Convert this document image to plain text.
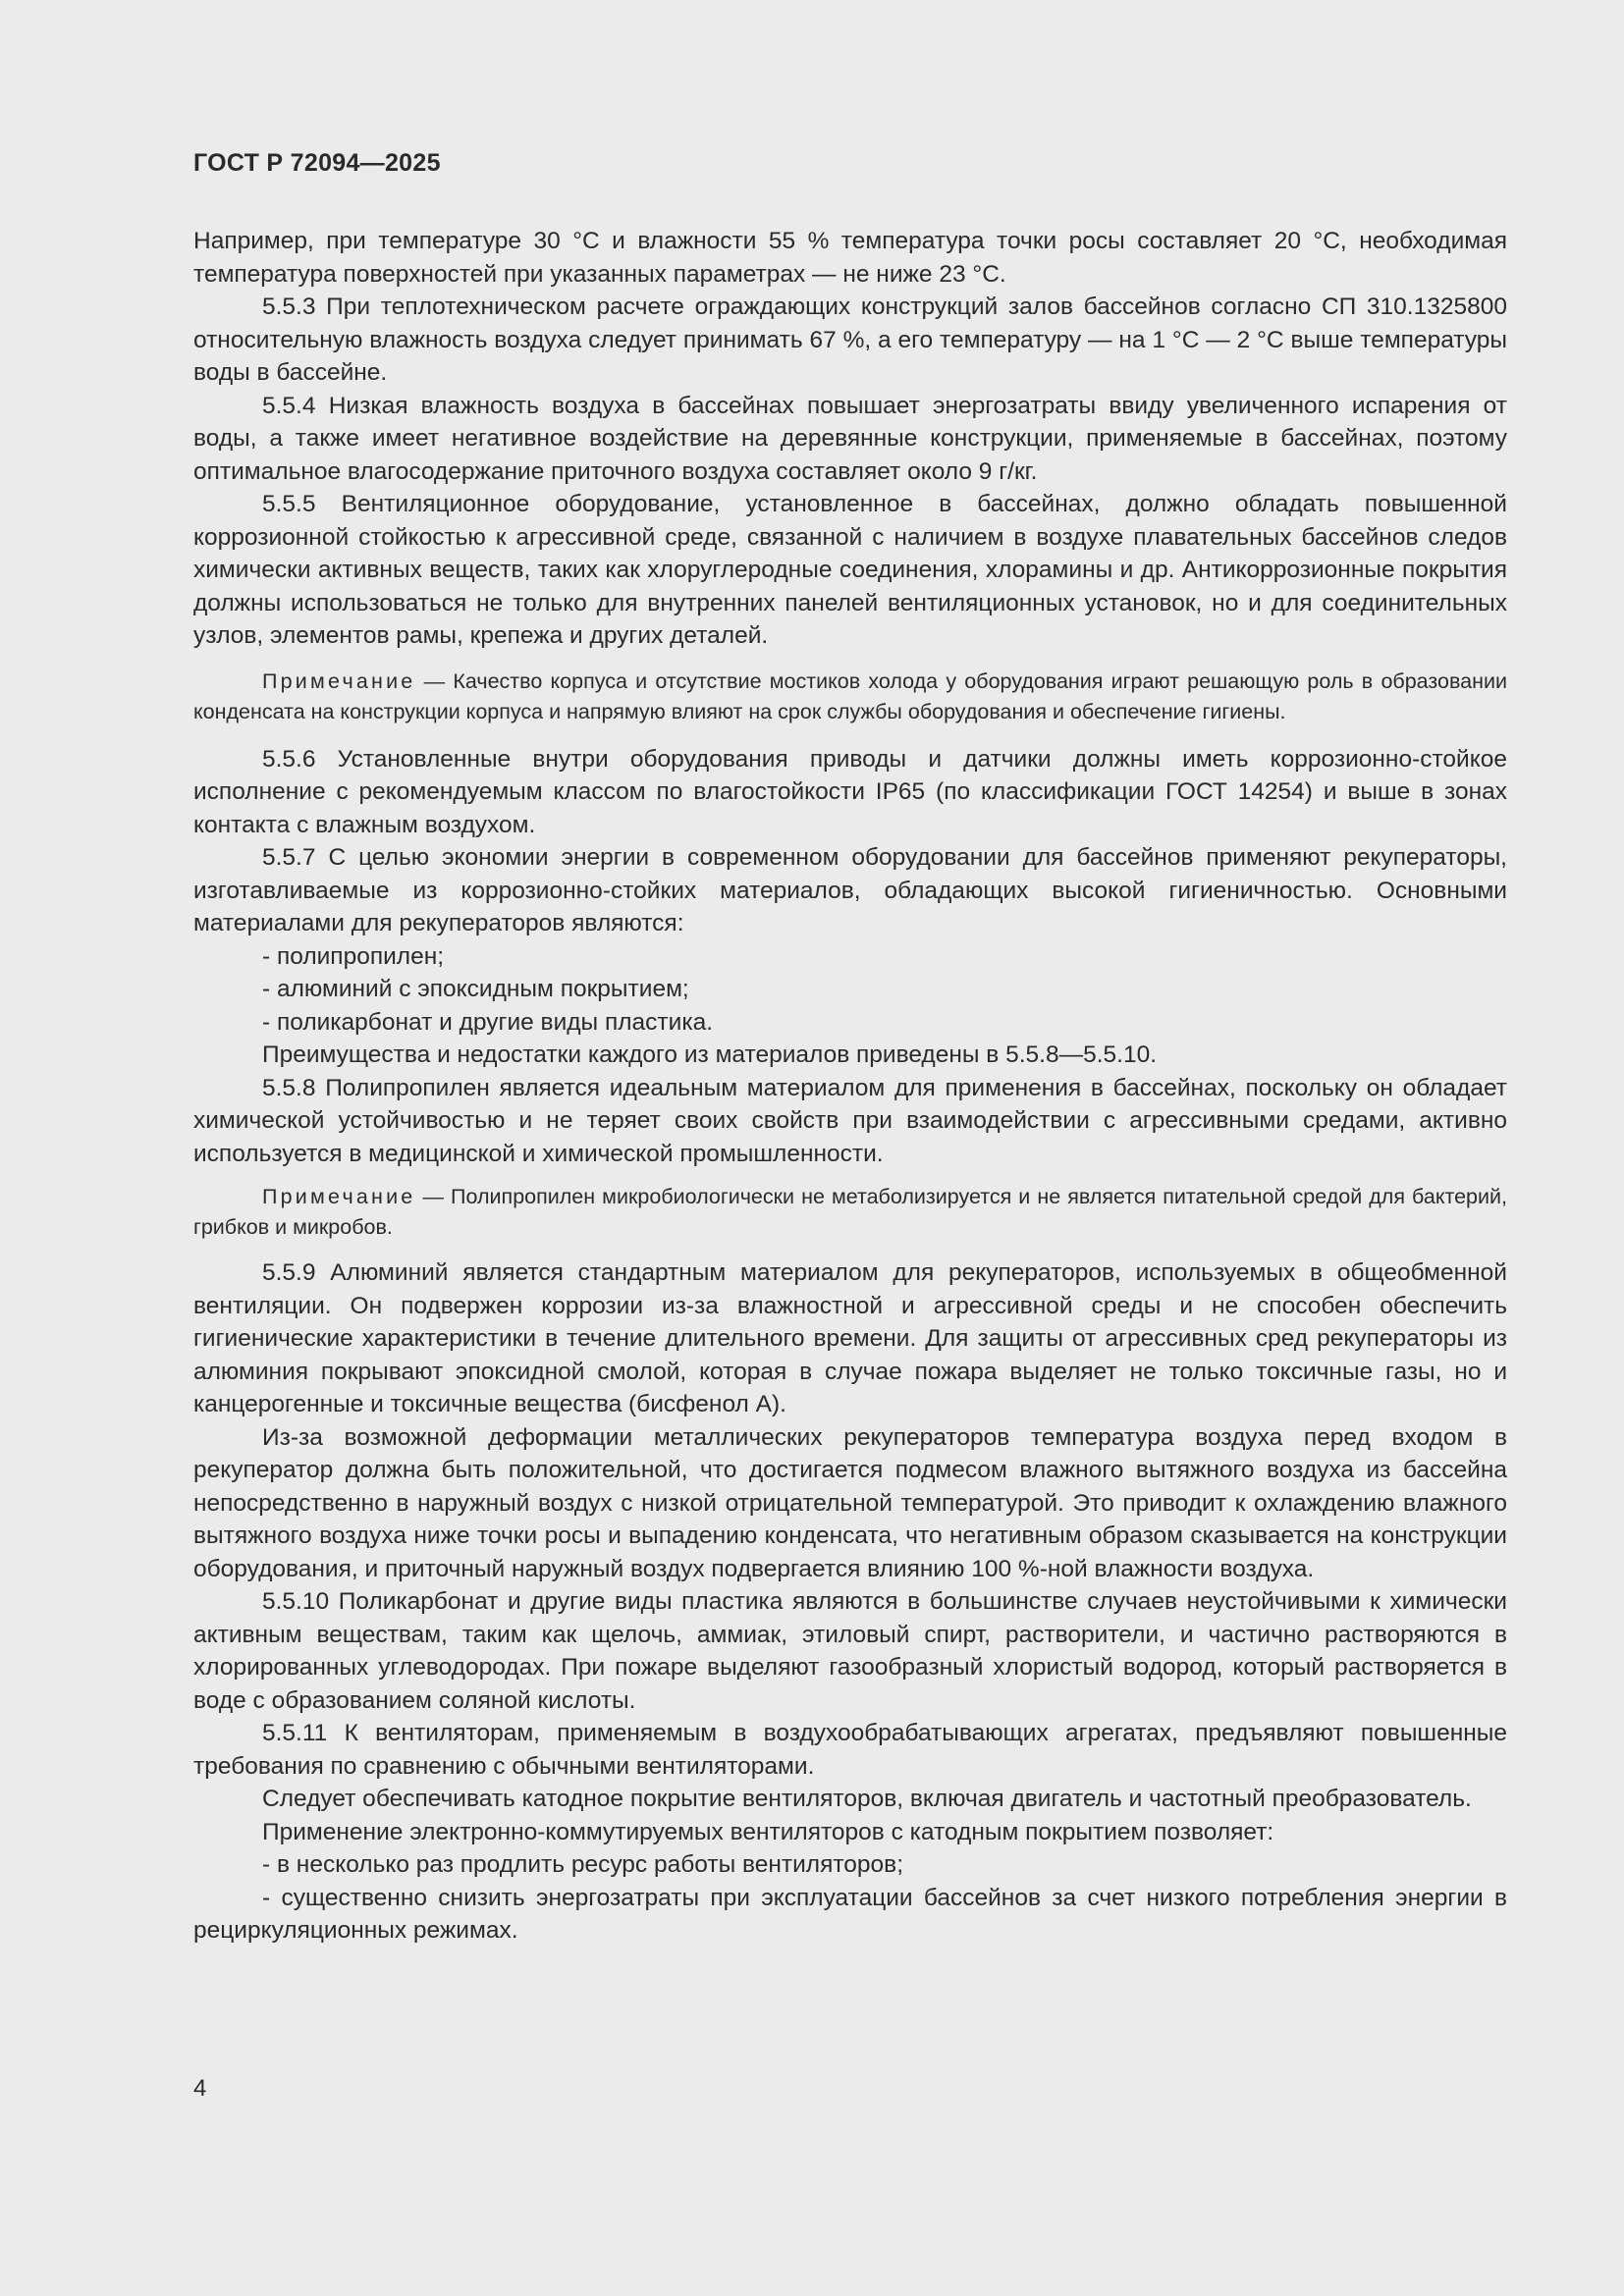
ГОСТ Р 72094—2025

Например, при температуре 30 °С и влажности 55 % температура точки росы составляет 20 °С, необходимая температура поверхностей при указанных параметрах — не ниже 23 °С.

5.5.3 При теплотехническом расчете ограждающих конструкций залов бассейнов согласно СП 310.1325800 относительную влажность воздуха следует принимать 67 %, а его температуру — на 1 °С — 2 °С выше температуры воды в бассейне.

5.5.4 Низкая влажность воздуха в бассейнах повышает энергозатраты ввиду увеличенного испарения от воды, а также имеет негативное воздействие на деревянные конструкции, применяемые в бассейнах, поэтому оптимальное влагосодержание приточного воздуха составляет около 9 г/кг.

5.5.5 Вентиляционное оборудование, установленное в бассейнах, должно обладать повышенной коррозионной стойкостью к агрессивной среде, связанной с наличием в воздухе плавательных бассейнов следов химически активных веществ, таких как хлоруглеродные соединения, хлорамины и др. Антикоррозионные покрытия должны использоваться не только для внутренних панелей вентиляционных установок, но и для соединительных узлов, элементов рамы, крепежа и других деталей.

Примечание — Качество корпуса и отсутствие мостиков холода у оборудования играют решающую роль в образовании конденсата на конструкции корпуса и напрямую влияют на срок службы оборудования и обеспечение гигиены.

5.5.6 Установленные внутри оборудования приводы и датчики должны иметь коррозионно-стойкое исполнение с рекомендуемым классом по влагостойкости IP65 (по классификации ГОСТ 14254) и выше в зонах контакта с влажным воздухом.

5.5.7 С целью экономии энергии в современном оборудовании для бассейнов применяют рекуператоры, изготавливаемые из коррозионно-стойких материалов, обладающих высокой гигиеничностью. Основными материалами для рекуператоров являются:

- полипропилен;

- алюминий с эпоксидным покрытием;

- поликарбонат и другие виды пластика.

Преимущества и недостатки каждого из материалов приведены в 5.5.8—5.5.10.

5.5.8 Полипропилен является идеальным материалом для применения в бассейнах, поскольку он обладает химической устойчивостью и не теряет своих свойств при взаимодействии с агрессивными средами, активно используется в медицинской и химической промышленности.

Примечание — Полипропилен микробиологически не метаболизируется и не является питательной средой для бактерий, грибков и микробов.

5.5.9 Алюминий является стандартным материалом для рекуператоров, используемых в общеобменной вентиляции. Он подвержен коррозии из-за влажностной и агрессивной среды и не способен обеспечить гигиенические характеристики в течение длительного времени. Для защиты от агрессивных сред рекуператоры из алюминия покрывают эпоксидной смолой, которая в случае пожара выделяет не только токсичные газы, но и канцерогенные и токсичные вещества (бисфенол А).

Из-за возможной деформации металлических рекуператоров температура воздуха перед входом в рекуператор должна быть положительной, что достигается подмесом влажного вытяжного воздуха из бассейна непосредственно в наружный воздух с низкой отрицательной температурой. Это приводит к охлаждению влажного вытяжного воздуха ниже точки росы и выпадению конденсата, что негативным образом сказывается на конструкции оборудования, и приточный наружный воздух подвергается влиянию 100 %-ной влажности воздуха.

5.5.10 Поликарбонат и другие виды пластика являются в большинстве случаев неустойчивыми к химически активным веществам, таким как щелочь, аммиак, этиловый спирт, растворители, и частично растворяются в хлорированных углеводородах. При пожаре выделяют газообразный хлористый водород, который растворяется в воде с образованием соляной кислоты.

5.5.11 К вентиляторам, применяемым в воздухообрабатывающих агрегатах, предъявляют повышенные требования по сравнению с обычными вентиляторами.

Следует обеспечивать катодное покрытие вентиляторов, включая двигатель и частотный преобразователь.

Применение электронно-коммутируемых вентиляторов с катодным покрытием позволяет:

- в несколько раз продлить ресурс работы вентиляторов;

- существенно снизить энергозатраты при эксплуатации бассейнов за счет низкого потребления энергии в рециркуляционных режимах.

4
